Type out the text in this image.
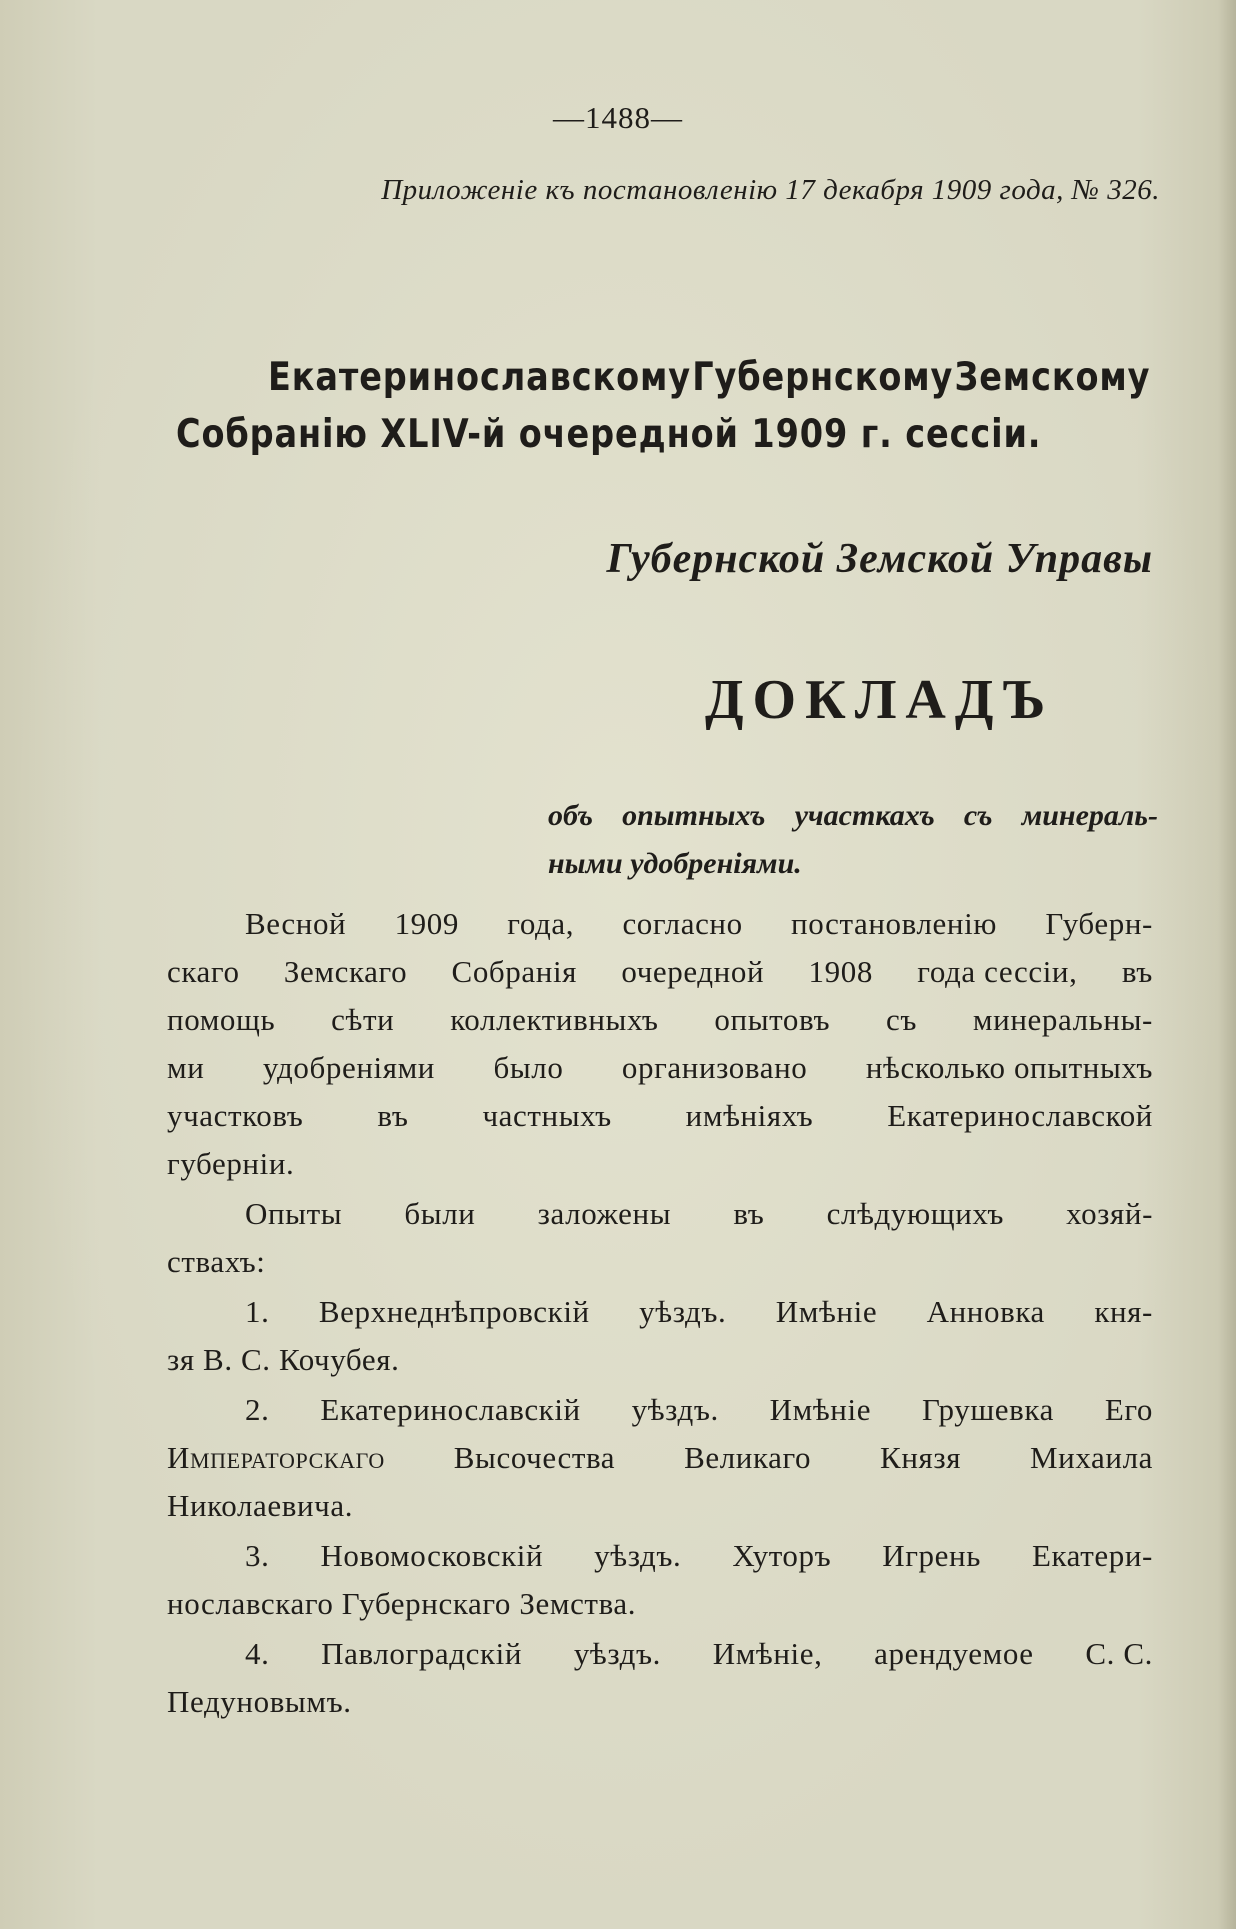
—1488—
Приложеніе къ постановленію 17 декабря 1909 года, № 326.
Екатеринославскому Губернскому Земскому
Собранію XLIV-й очередной 1909 г. сессіи.
Губернской Земской Управы
ДОКЛАДЪ
объ опытныхъ участкахъ съ минераль-
ными удобреніями.
Весной 1909 года, согласно постановленію Губерн-
скаго Земскаго Собранія очередной 1908 года сессіи, въ
помощь сѣти коллективныхъ опытовъ съ минеральны-
ми удобреніями было организовано нѣсколько опытныхъ
участковъ въ частныхъ имѣніяхъ Екатеринославской
губерніи.
Опыты были заложены въ слѣдующихъ хозяй-
ствахъ:
1. Верхнеднѣпровскій уѣздъ. Имѣніе Анновка кня-
зя В. С. Кочубея.
2. Екатеринославскій уѣздъ. Имѣніе Грушевка Его
Императорскаго Высочества Великаго Князя Михаила
Николаевича.
3. Новомосковскій уѣздъ. Хуторъ Игрень Екатери-
нославскаго Губернскаго Земства.
4. Павлоградскій уѣздъ. Имѣніе, арендуемое С. С.
Педуновымъ.
